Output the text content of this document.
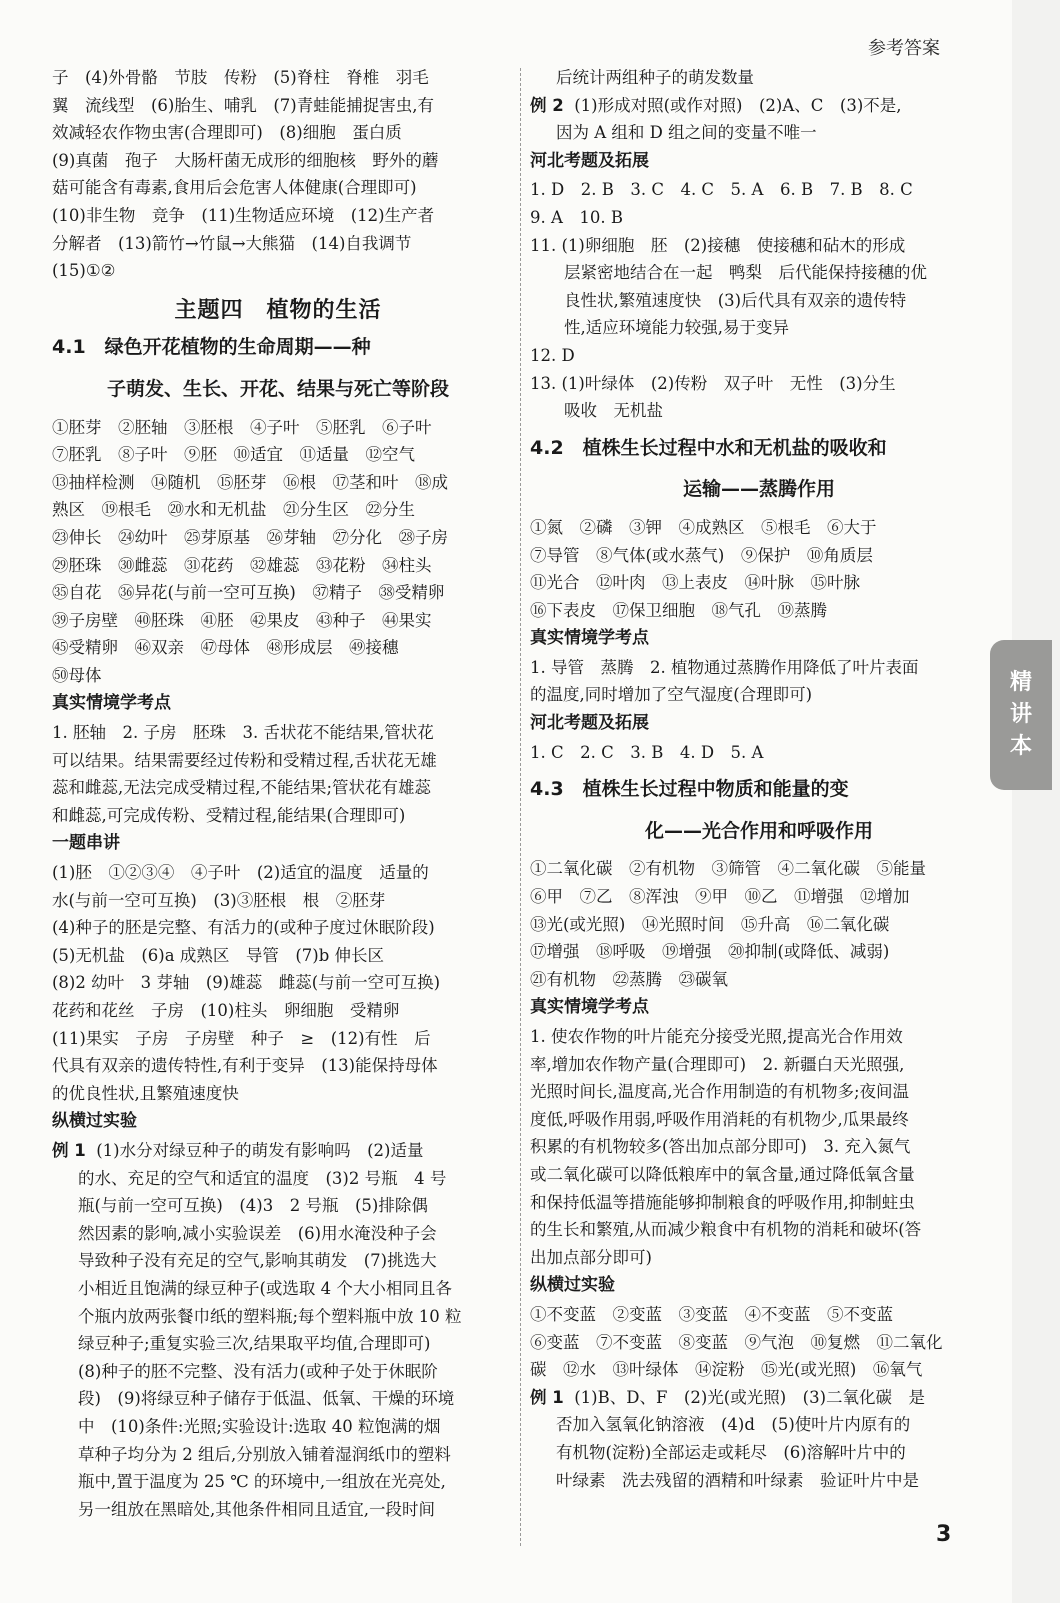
参考答案

子　(4)外骨骼　节肢　传粉　(5)脊柱　脊椎　羽毛

翼　流线型　(6)胎生、哺乳　(7)青蛙能捕捉害虫,有

效减轻农作物虫害(合理即可)　(8)细胞　蛋白质

(9)真菌　孢子　大肠杆菌无成形的细胞核　野外的蘑

菇可能含有毒素,食用后会危害人体健康(合理即可)

(10)非生物　竞争　(11)生物适应环境　(12)生产者

分解者　(13)箭竹→竹鼠→大熊猫　(14)自我调节

(15)①②

主题四　植物的生活
4.1　绿色开花植物的生命周期——种
子萌发、生长、开花、结果与死亡等阶段

①胚芽　②胚轴　③胚根　④子叶　⑤胚乳　⑥子叶

⑦胚乳　⑧子叶　⑨胚　⑩适宜　⑪适量　⑫空气

⑬抽样检测　⑭随机　⑮胚芽　⑯根　⑰茎和叶　⑱成

熟区　⑲根毛　⑳水和无机盐　㉑分生区　㉒分生

㉓伸长　㉔幼叶　㉕芽原基　㉖芽轴　㉗分化　㉘子房

㉙胚珠　㉚雌蕊　㉛花药　㉜雄蕊　㉝花粉　㉞柱头

㉟自花　㊱异花(与前一空可互换)　㊲精子　㊳受精卵

㊴子房壁　㊵胚珠　㊶胚　㊷果皮　㊸种子　㊹果实

㊺受精卵　㊻双亲　㊼母体　㊽形成层　㊾接穗

㊿母体

真实情境学考点

1. 胚轴　2. 子房　胚珠　3. 舌状花不能结果,管状花

可以结果。结果需要经过传粉和受精过程,舌状花无雄

蕊和雌蕊,无法完成受精过程,不能结果;管状花有雄蕊

和雌蕊,可完成传粉、受精过程,能结果(合理即可)

一题串讲

(1)胚　①②③④　④子叶　(2)适宜的温度　适量的

水(与前一空可互换)　(3)③胚根　根　②胚芽

(4)种子的胚是完整、有活力的(或种子度过休眠阶段)

(5)无机盐　(6)a 成熟区　导管　(7)b 伸长区

(8)2 幼叶　3 芽轴　(9)雄蕊　雌蕊(与前一空可互换)

花药和花丝　子房　(10)柱头　卵细胞　受精卵

(11)果实　子房　子房壁　种子　≥　(12)有性　后

代具有双亲的遗传特性,有利于变异　(13)能保持母体

的优良性状,且繁殖速度快

纵横过实验

例 1 (1)水分对绿豆种子的萌发有影响吗　(2)适量

的水、充足的空气和适宜的温度　(3)2 号瓶　4 号

瓶(与前一空可互换)　(4)3　2 号瓶　(5)排除偶

然因素的影响,减小实验误差　(6)用水淹没种子会

导致种子没有充足的空气,影响其萌发　(7)挑选大

小相近且饱满的绿豆种子(或选取 4 个大小相同且各

个瓶内放两张餐巾纸的塑料瓶;每个塑料瓶中放 10 粒

绿豆种子;重复实验三次,结果取平均值,合理即可)

(8)种子的胚不完整、没有活力(或种子处于休眠阶

段)　(9)将绿豆种子储存于低温、低氧、干燥的环境

中　(10)条件:光照;实验设计:选取 40 粒饱满的烟

草种子均分为 2 组后,分别放入铺着湿润纸巾的塑料

瓶中,置于温度为 25 ℃ 的环境中,一组放在光亮处,

另一组放在黑暗处,其他条件相同且适宜,一段时间

后统计两组种子的萌发数量

例 2 (1)形成对照(或作对照)　(2)A、C　(3)不是,

因为 A 组和 D 组之间的变量不唯一

河北考题及拓展

1. D　2. B　3. C　4. C　5. A　6. B　7. B　8. C

9. A　10. B

11. (1)卵细胞　胚　(2)接穗　使接穗和砧木的形成

层紧密地结合在一起　鸭梨　后代能保持接穗的优

良性状,繁殖速度快　(3)后代具有双亲的遗传特

性,适应环境能力较强,易于变异

12. D

13. (1)叶绿体　(2)传粉　双子叶　无性　(3)分生

吸收　无机盐

4.2　植株生长过程中水和无机盐的吸收和
运输——蒸腾作用

①氮　②磷　③钾　④成熟区　⑤根毛　⑥大于

⑦导管　⑧气体(或水蒸气)　⑨保护　⑩角质层

⑪光合　⑫叶肉　⑬上表皮　⑭叶脉　⑮叶脉

⑯下表皮　⑰保卫细胞　⑱气孔　⑲蒸腾

真实情境学考点

1. 导管　蒸腾　2. 植物通过蒸腾作用降低了叶片表面

的温度,同时增加了空气湿度(合理即可)

河北考题及拓展

1. C　2. C　3. B　4. D　5. A

4.3　植株生长过程中物质和能量的变
化——光合作用和呼吸作用

①二氧化碳　②有机物　③筛管　④二氧化碳　⑤能量

⑥甲　⑦乙　⑧浑浊　⑨甲　⑩乙　⑪增强　⑫增加

⑬光(或光照)　⑭光照时间　⑮升高　⑯二氧化碳

⑰增强　⑱呼吸　⑲增强　⑳抑制(或降低、减弱)

㉑有机物　㉒蒸腾　㉓碳氧

真实情境学考点

1. 使农作物的叶片能充分接受光照,提高光合作用效

率,增加农作物产量(合理即可)　2. 新疆白天光照强,

光照时间长,温度高,光合作用制造的有机物多;夜间温

度低,呼吸作用弱,呼吸作用消耗的有机物少,瓜果最终

积累的有机物较多(答出加点部分即可)　3. 充入氮气

或二氧化碳可以降低粮库中的氧含量,通过降低氧含量

和保持低温等措施能够抑制粮食的呼吸作用,抑制蛀虫

的生长和繁殖,从而减少粮食中有机物的消耗和破坏(答

出加点部分即可)

纵横过实验

①不变蓝　②变蓝　③变蓝　④不变蓝　⑤不变蓝

⑥变蓝　⑦不变蓝　⑧变蓝　⑨气泡　⑩复燃　⑪二氧化

碳　⑫水　⑬叶绿体　⑭淀粉　⑮光(或光照)　⑯氧气

例 1 (1)B、D、F　(2)光(或光照)　(3)二氧化碳　是

否加入氢氧化钠溶液　(4)d　(5)使叶片内原有的

有机物(淀粉)全部运走或耗尽　(6)溶解叶片中的

叶绿素　洗去残留的酒精和叶绿素　验证叶片中是

3
精
讲
本
